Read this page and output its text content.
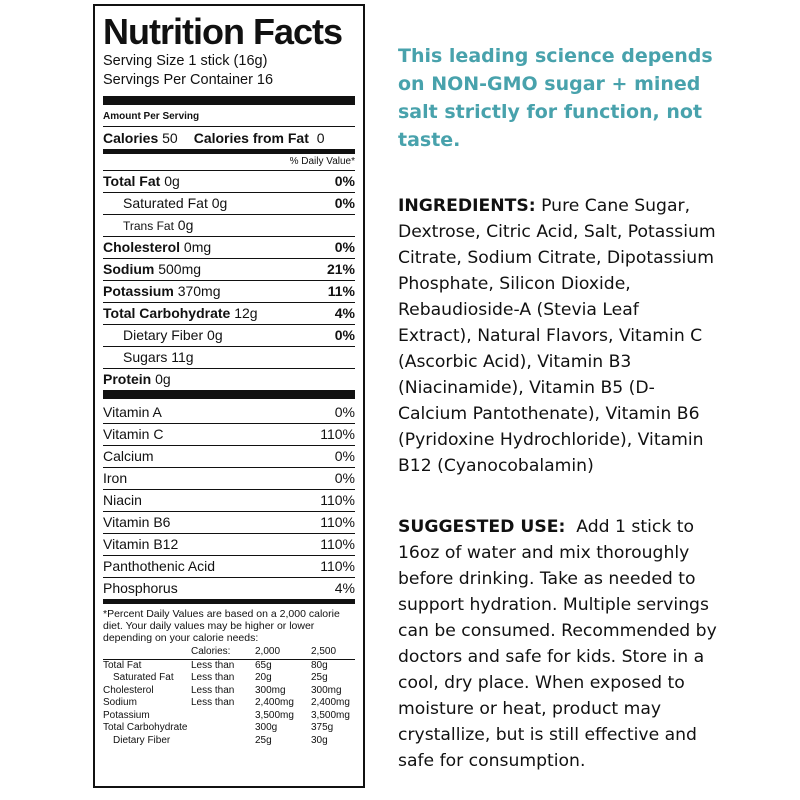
Nutrition Facts
Serving Size 1 stick (16g)
Servings Per Container 16
Amount Per Serving
Calories 50	Calories from Fat 0
% Daily Value*
Total Fat 0g	0%
Saturated Fat 0g	0%
Trans Fat 0g
Cholesterol 0mg	0%
Sodium 500mg	21%
Potassium 370mg	11%
Total Carbohydrate 12g	4%
Dietary Fiber 0g	0%
Sugars 11g
Protein 0g
Vitamin A	0%
Vitamin C	110%
Calcium	0%
Iron	0%
Niacin	110%
Vitamin B6	110%
Vitamin B12	110%
Panthothenic Acid	110%
Phosphorus	4%
*Percent Daily Values are based on a 2,000 calorie diet. Your daily values may be higher or lower depending on your calorie needs:
	Calories:	2,000	2,500

Total Fat	Less than	65g	80g
Saturated Fat	Less than	20g	25g
Cholesterol	Less than	300mg	300mg
Sodium	Less than	2,400mg	2,400mg
Potassium		3,500mg	3,500mg
Total Carbohydrate		300g	375g
Dietary Fiber		25g	30g
This leading science depends on NON-GMO sugar + mined salt strictly for function, not taste.
INGREDIENTS: Pure Cane Sugar, Dextrose, Citric Acid, Salt, Potassium Citrate, Sodium Citrate, Dipotassium Phosphate, Silicon Dioxide, Rebaudioside-A (Stevia Leaf Extract), Natural Flavors, Vitamin C (Ascorbic Acid), Vitamin B3 (Niacinamide), Vitamin B5 (D-Calcium Pantothenate), Vitamin B6 (Pyridoxine Hydrochloride), Vitamin B12 (Cyanocobalamin)
SUGGESTED USE: Add 1 stick to 16oz of water and mix thoroughly before drinking. Take as needed to support hydration. Multiple servings can be consumed. Recommended by doctors and safe for kids. Store in a cool, dry place. When exposed to moisture or heat, product may crystallize, but is still effective and safe for consumption.
